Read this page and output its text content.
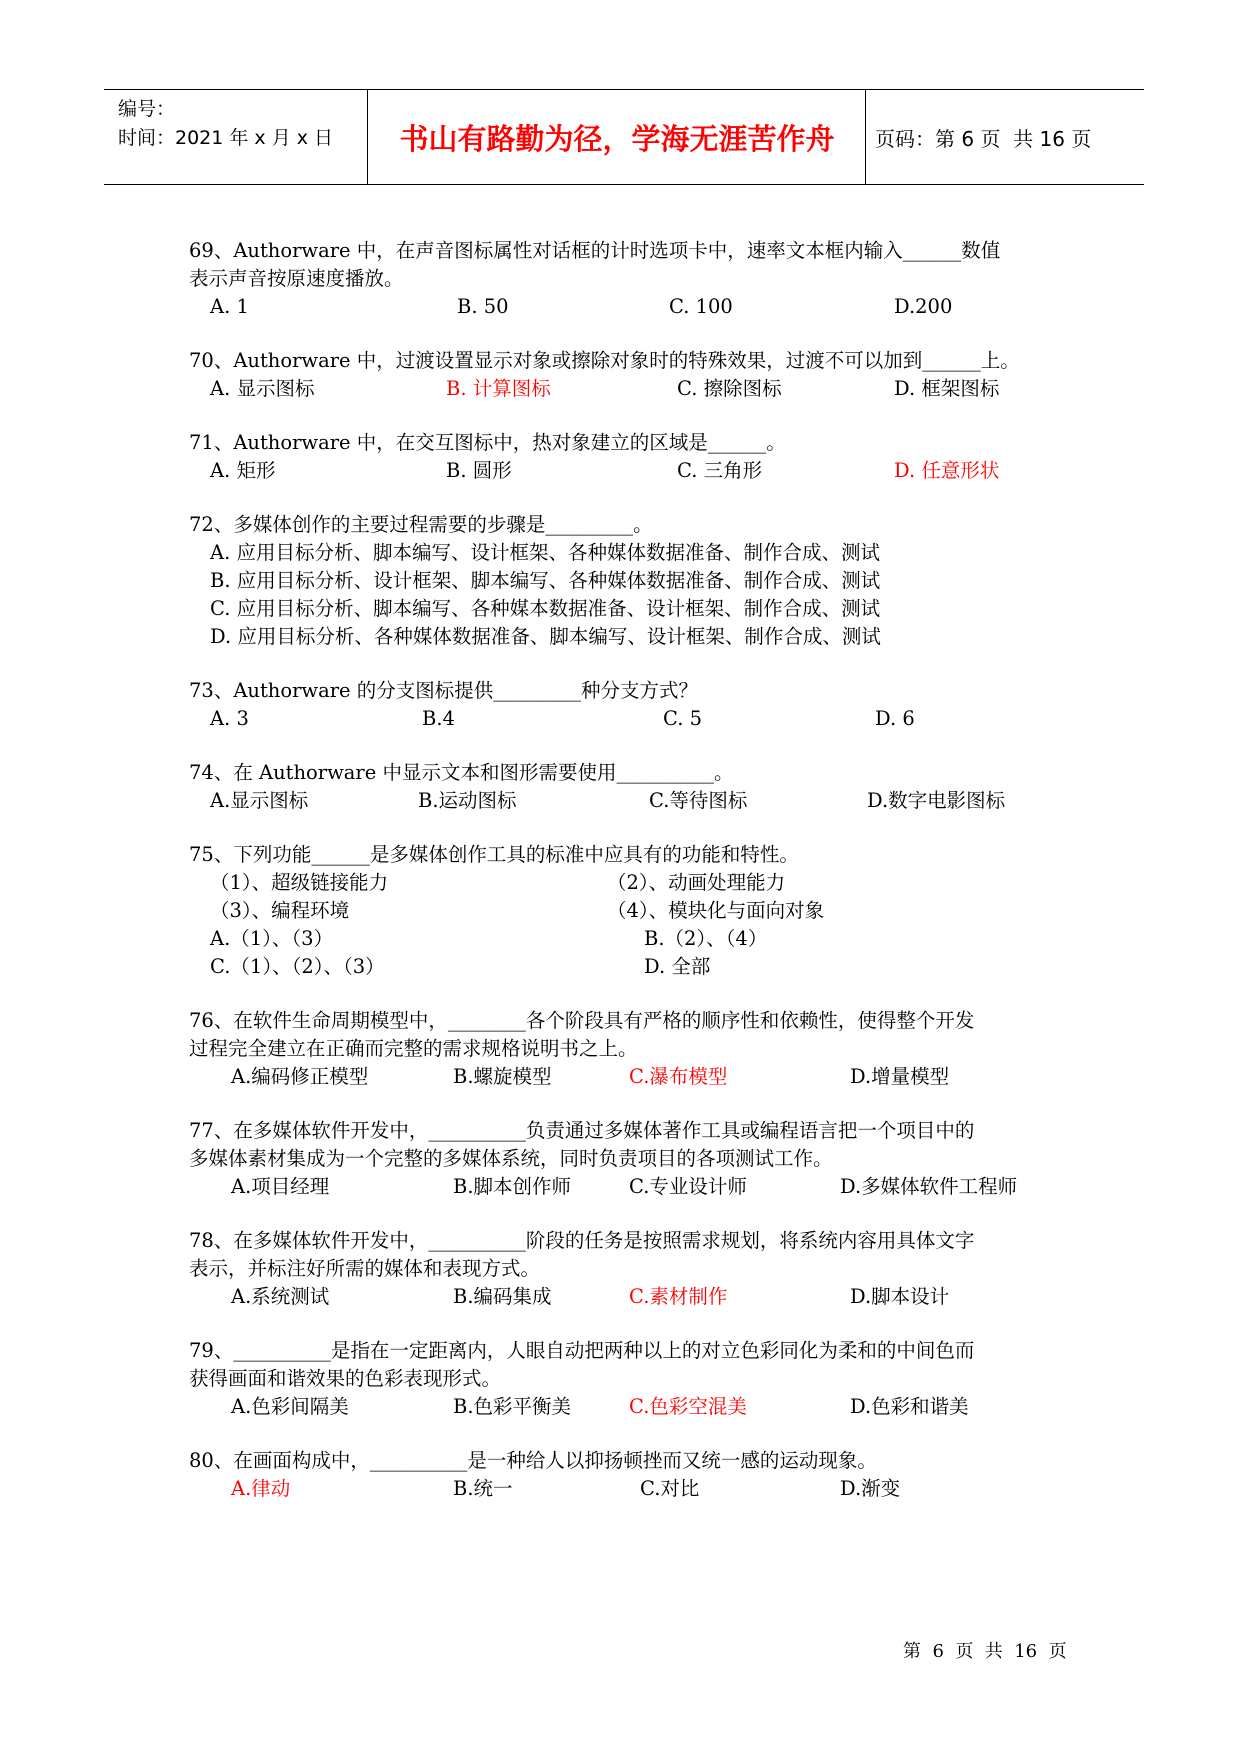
编号：
时间：2021 年 x 月 x 日	书山有路勤为径，学海无涯苦作舟	页码：第 6 页  共 16 页
69、Authorware 中，在声音图标属性对话框的计时选项卡中，速率文本框内输入______数值
表示声音按原速度播放。
A. 1	B. 50	C. 100	D.200
70、Authorware 中，过渡设置显示对象或擦除对象时的特殊效果，过渡不可以加到______上。
A. 显示图标	B. 计算图标	C. 擦除图标	D. 框架图标
71、Authorware 中，在交互图标中，热对象建立的区域是______。
A. 矩形	B. 圆形	C. 三角形	D. 任意形状
72、多媒体创作的主要过程需要的步骤是_________。
A. 应用目标分析、脚本编写、设计框架、各种媒体数据准备、制作合成、测试
B. 应用目标分析、设计框架、脚本编写、各种媒体数据准备、制作合成、测试
C. 应用目标分析、脚本编写、各种媒本数据准备、设计框架、制作合成、测试
D. 应用目标分析、各种媒体数据准备、脚本编写、设计框架、制作合成、测试
73、Authorware 的分支图标提供_________种分支方式？
A. 3	B.4	C. 5	D. 6
74、在 Authorware 中显示文本和图形需要使用__________。
A.显示图标	B.运动图标	C.等待图标	D.数字电影图标
75、下列功能______是多媒体创作工具的标准中应具有的功能和特性。
（1）、超级链接能力	（2）、动画处理能力
（3）、编程环境	（4）、模块化与面向对象
A.（1）、（3）	B.（2）、（4）
C.（1）、（2）、（3）	D. 全部
76、在软件生命周期模型中，________各个阶段具有严格的顺序性和依赖性，使得整个开发
过程完全建立在正确而完整的需求规格说明书之上。
A.编码修正模型	B.螺旋模型	C.瀑布模型	D.增量模型
77、在多媒体软件开发中，__________负责通过多媒体著作工具或编程语言把一个项目中的
多媒体素材集成为一个完整的多媒体系统，同时负责项目的各项测试工作。
A.项目经理	B.脚本创作师	C.专业设计师	D.多媒体软件工程师
78、在多媒体软件开发中，__________阶段的任务是按照需求规划，将系统内容用具体文字
表示，并标注好所需的媒体和表现方式。
A.系统测试	B.编码集成	C.素材制作	D.脚本设计
79、__________是指在一定距离内，人眼自动把两种以上的对立色彩同化为柔和的中间色而
获得画面和谐效果的色彩表现形式。
A.色彩间隔美	B.色彩平衡美	C.色彩空混美	D.色彩和谐美
80、在画面构成中，__________是一种给人以抑扬顿挫而又统一感的运动现象。
A.律动	B.统一	C.对比	D.渐变
第  6  页  共  16  页
